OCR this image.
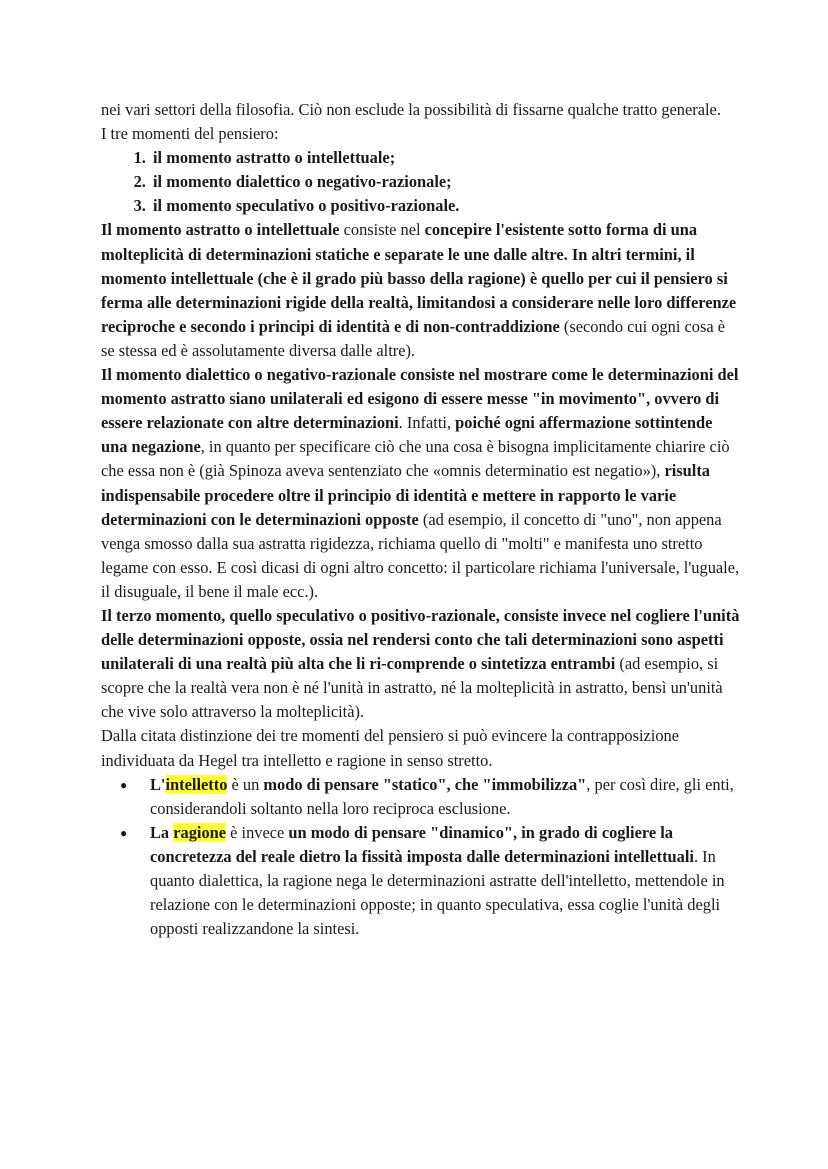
nei vari settori della filosofia. Ciò non esclude la possibilità di fissarne qualche tratto generale.

I tre momenti del pensiero:

1. il momento astratto o intellettuale;
2. il momento dialettico o negativo-razionale;
3. il momento speculativo o positivo-razionale.

Il momento astratto o intellettuale consiste nel concepire l'esistente sotto forma di una molteplicità di determinazioni statiche e separate le une dalle altre. In altri termini, il momento intellettuale (che è il grado più basso della ragione) è quello per cui il pensiero si ferma alle determinazioni rigide della realtà, limitandosi a considerare nelle loro differenze reciproche e secondo i principi di identità e di non-contraddizione (secondo cui ogni cosa è se stessa ed è assolutamente diversa dalle altre).

Il momento dialettico o negativo-razionale consiste nel mostrare come le determinazioni del momento astratto siano unilaterali ed esigono di essere messe "in movimento", ovvero di essere relazionate con altre determinazioni. Infatti, poiché ogni affermazione sottintende una negazione, in quanto per specificare ciò che una cosa è bisogna implicitamente chiarire ciò che essa non è (già Spinoza aveva sentenziato che «omnis determinatio est negatio»), risulta indispensabile procedere oltre il principio di identità e mettere in rapporto le varie determinazioni con le determinazioni opposte (ad esempio, il concetto di "uno", non appena venga smosso dalla sua astratta rigidezza, richiama quello di "molti" e manifesta uno stretto legame con esso. E così dicasi di ogni altro concetto: il particolare richiama l'universale, l'uguale, il disuguale, il bene il male ecc.).

Il terzo momento, quello speculativo o positivo-razionale, consiste invece nel cogliere l'unità delle determinazioni opposte, ossia nel rendersi conto che tali determinazioni sono aspetti unilaterali di una realtà più alta che li ri-comprende o sintetizza entrambi (ad esempio, si scopre che la realtà vera non è né l'unità in astratto, né la molteplicità in astratto, bensì un'unità che vive solo attraverso la molteplicità).

Dalla citata distinzione dei tre momenti del pensiero si può evincere la contrapposizione individuata da Hegel tra intelletto e ragione in senso stretto.

● L'intelletto è un modo di pensare "statico", che "immobilizza", per così dire, gli enti, considerandoli soltanto nella loro reciproca esclusione.
● La ragione è invece un modo di pensare "dinamico", in grado di cogliere la concretezza del reale dietro la fissità imposta dalle determinazioni intellettuali. In quanto dialettica, la ragione nega le determinazioni astratte dell'intelletto, mettendole in relazione con le determinazioni opposte; in quanto speculativa, essa coglie l'unità degli opposti realizzandone la sintesi.
